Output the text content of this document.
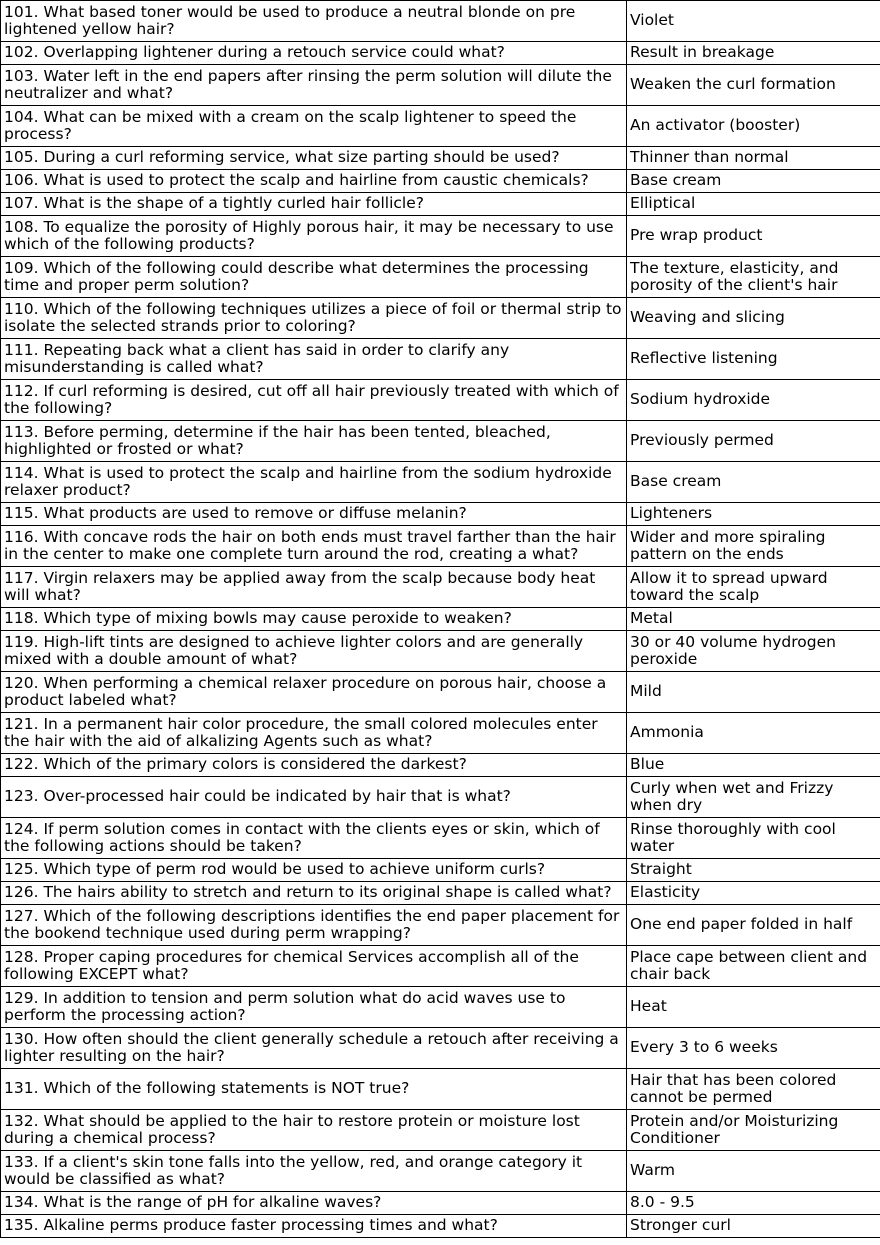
101. What based toner would be used to produce a neutral blonde on pre lightened yellow hair?	Violet
102. Overlapping lightener during a retouch service could what?	Result in breakage
103. Water left in the end papers after rinsing the perm solution will dilute the neutralizer and what?	Weaken the curl formation
104. What can be mixed with a cream on the scalp lightener to speed the process?	An activator (booster)
105. During a curl reforming service, what size parting should be used?	Thinner than normal
106. What is used to protect the scalp and hairline from caustic chemicals?	Base cream
107. What is the shape of a tightly curled hair follicle?	Elliptical
108. To equalize the porosity of Highly porous hair, it may be necessary to use which of the following products?	Pre wrap product
109. Which of the following could describe what determines the processing time and proper perm solution?	The texture, elasticity, and porosity of the client's hair
110. Which of the following techniques utilizes a piece of foil or thermal strip to isolate the selected strands prior to coloring?	Weaving and slicing
111. Repeating back what a client has said in order to clarify any misunderstanding is called what?	Reflective listening
112. If curl reforming is desired, cut off all hair previously treated with which of the following?	Sodium hydroxide
113. Before perming, determine if the hair has been tented, bleached, highlighted or frosted or what?	Previously permed
114. What is used to protect the scalp and hairline from the sodium hydroxide relaxer product?	Base cream
115. What products are used to remove or diffuse melanin?	Lighteners
116. With concave rods the hair on both ends must travel farther than the hair in the center to make one complete turn around the rod, creating a what?	Wider and more spiraling pattern on the ends
117. Virgin relaxers may be applied away from the scalp because body heat will what?	Allow it to spread upward toward the scalp
118. Which type of mixing bowls may cause peroxide to weaken?	Metal
119. High-lift tints are designed to achieve lighter colors and are generally mixed with a double amount of what?	30 or 40 volume hydrogen peroxide
120. When performing a chemical relaxer procedure on porous hair, choose a product labeled what?	Mild
121. In a permanent hair color procedure, the small colored molecules enter the hair with the aid of alkalizing Agents such as what?	Ammonia
122. Which of the primary colors is considered the darkest?	Blue
123. Over-processed hair could be indicated by hair that is what?	Curly when wet and Frizzy when dry
124. If perm solution comes in contact with the clients eyes or skin, which of the following actions should be taken?	Rinse thoroughly with cool water
125. Which type of perm rod would be used to achieve uniform curls?	Straight
126. The hairs ability to stretch and return to its original shape is called what?	Elasticity
127. Which of the following descriptions identifies the end paper placement for the bookend technique used during perm wrapping?	One end paper folded in half
128. Proper caping procedures for chemical Services accomplish all of the following EXCEPT what?	Place cape between client and chair back
129. In addition to tension and perm solution what do acid waves use to perform the processing action?	Heat
130. How often should the client generally schedule a retouch after receiving a lighter resulting on the hair?	Every 3 to 6 weeks
131. Which of the following statements is NOT true?	Hair that has been colored cannot be permed
132. What should be applied to the hair to restore protein or moisture lost during a chemical process?	Protein and/or Moisturizing Conditioner
133. If a client's skin tone falls into the yellow, red, and orange category it would be classified as what?	Warm
134. What is the range of pH for alkaline waves?	8.0 - 9.5
135. Alkaline perms produce faster processing times and what?	Stronger curl
